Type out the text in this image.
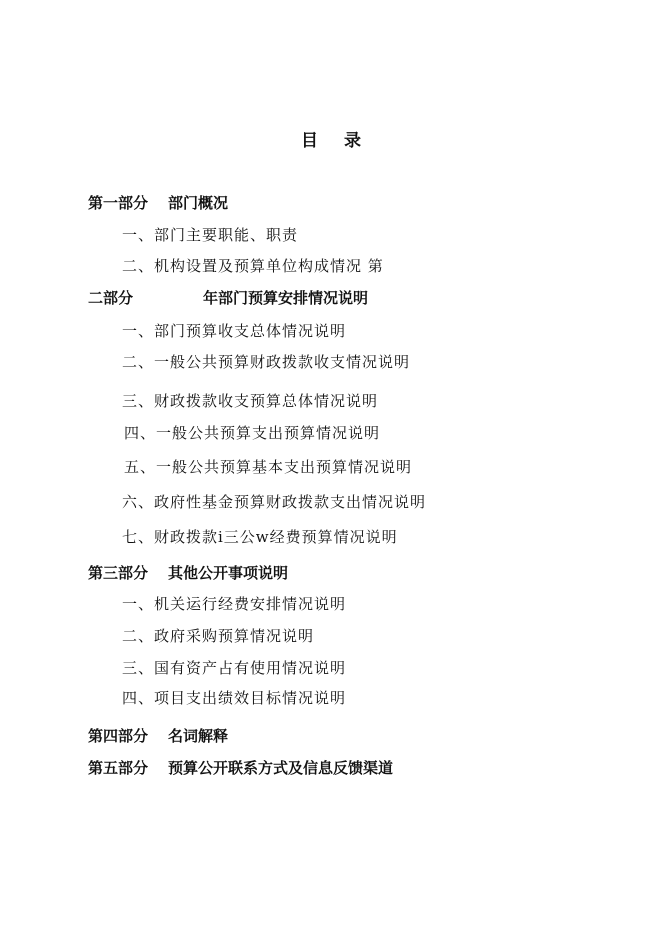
目 录
第一部分 部门概况
一、部门主要职能、职责
二、机构设置及预算单位构成情况 第
二部分	年部门预算安排情况说明
一、部门预算收支总体情况说明
二、一般公共预算财政拨款收支情况说明
三、财政拨款收支预算总体情况说明
四、一般公共预算支出预算情况说明
五、一般公共预算基本支出预算情况说明
六、政府性基金预算财政拨款支出情况说明
七、财政拨款i三公w经费预算情况说明
第三部分 其他公开事项说明
一、机关运行经费安排情况说明
二、政府采购预算情况说明
三、国有资产占有使用情况说明
四、项目支出绩效目标情况说明
第四部分 名词解释
第五部分 预算公开联系方式及信息反馈渠道
